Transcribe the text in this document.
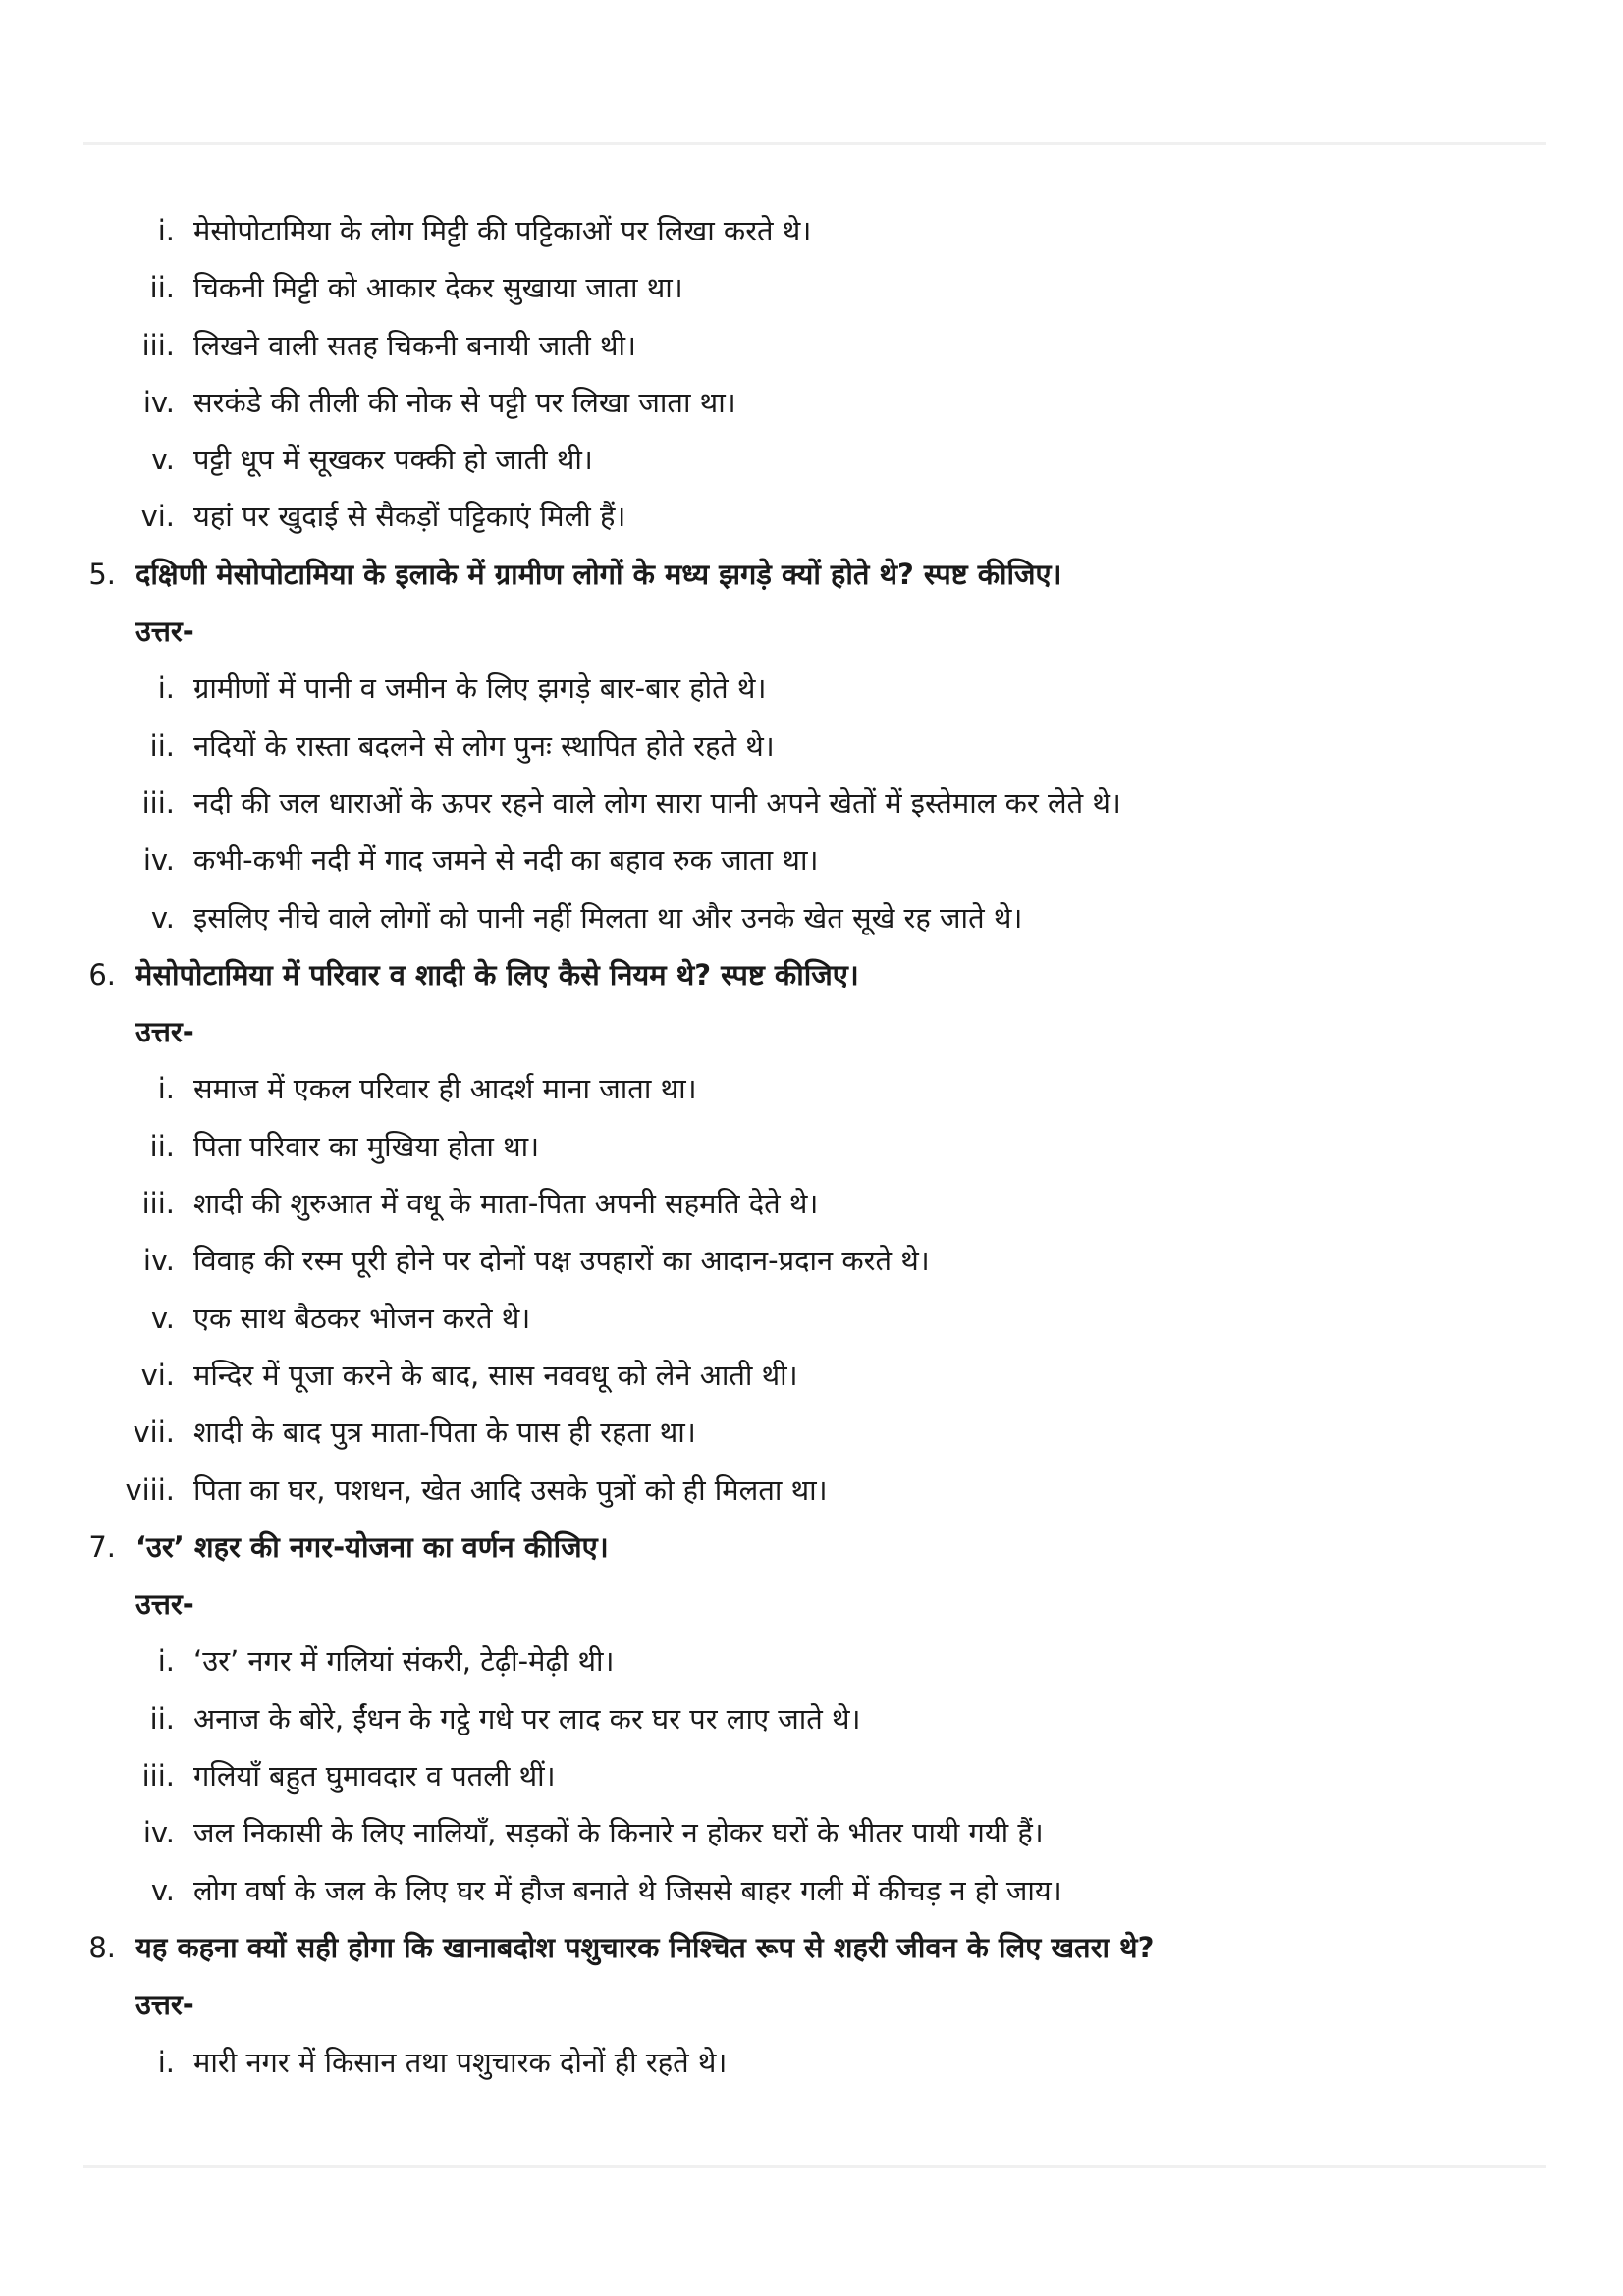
i. मेसोपोटामिया के लोग मिट्टी की पट्टिकाओं पर लिखा करते थे।
ii. चिकनी मिट्टी को आकार देकर सुखाया जाता था।
iii. लिखने वाली सतह चिकनी बनायी जाती थी।
iv. सरकंडे की तीली की नोक से पट्टी पर लिखा जाता था।
v. पट्टी धूप में सूखकर पक्की हो जाती थी।
vi. यहां पर खुदाई से सैकड़ों पट्टिकाएं मिली हैं।
5. दक्षिणी मेसोपोटामिया के इलाके में ग्रामीण लोगों के मध्य झगड़े क्यों होते थे? स्पष्ट कीजिए।
उत्तर-
i. ग्रामीणों में पानी व जमीन के लिए झगड़े बार-बार होते थे।
ii. नदियों के रास्ता बदलने से लोग पुनः स्थापित होते रहते थे।
iii. नदी की जल धाराओं के ऊपर रहने वाले लोग सारा पानी अपने खेतों में इस्तेमाल कर लेते थे।
iv. कभी-कभी नदी में गाद जमने से नदी का बहाव रुक जाता था।
v. इसलिए नीचे वाले लोगों को पानी नहीं मिलता था और उनके खेत सूखे रह जाते थे।
6. मेसोपोटामिया में परिवार व शादी के लिए कैसे नियम थे? स्पष्ट कीजिए।
उत्तर-
i. समाज में एकल परिवार ही आदर्श माना जाता था।
ii. पिता परिवार का मुखिया होता था।
iii. शादी की शुरुआत में वधू के माता-पिता अपनी सहमति देते थे।
iv. विवाह की रस्म पूरी होने पर दोनों पक्ष उपहारों का आदान-प्रदान करते थे।
v. एक साथ बैठकर भोजन करते थे।
vi. मन्दिर में पूजा करने के बाद, सास नववधू को लेने आती थी।
vii. शादी के बाद पुत्र माता-पिता के पास ही रहता था।
viii. पिता का घर, पशधन, खेत आदि उसके पुत्रों को ही मिलता था।
7. ‘उर’ शहर की नगर-योजना का वर्णन कीजिए।
उत्तर-
i. ‘उर’ नगर में गलियां संकरी, टेढ़ी-मेढ़ी थी।
ii. अनाज के बोरे, ईंधन के गट्ठे गधे पर लाद कर घर पर लाए जाते थे।
iii. गलियाँ बहुत घुमावदार व पतली थीं।
iv. जल निकासी के लिए नालियाँ, सड़कों के किनारे न होकर घरों के भीतर पायी गयी हैं।
v. लोग वर्षा के जल के लिए घर में हौज बनाते थे जिससे बाहर गली में कीचड़ न हो जाय।
8. यह कहना क्यों सही होगा कि खानाबदोश पशुचारक निश्चित रूप से शहरी जीवन के लिए खतरा थे?
उत्तर-
i. मारी नगर में किसान तथा पशुचारक दोनों ही रहते थे।
